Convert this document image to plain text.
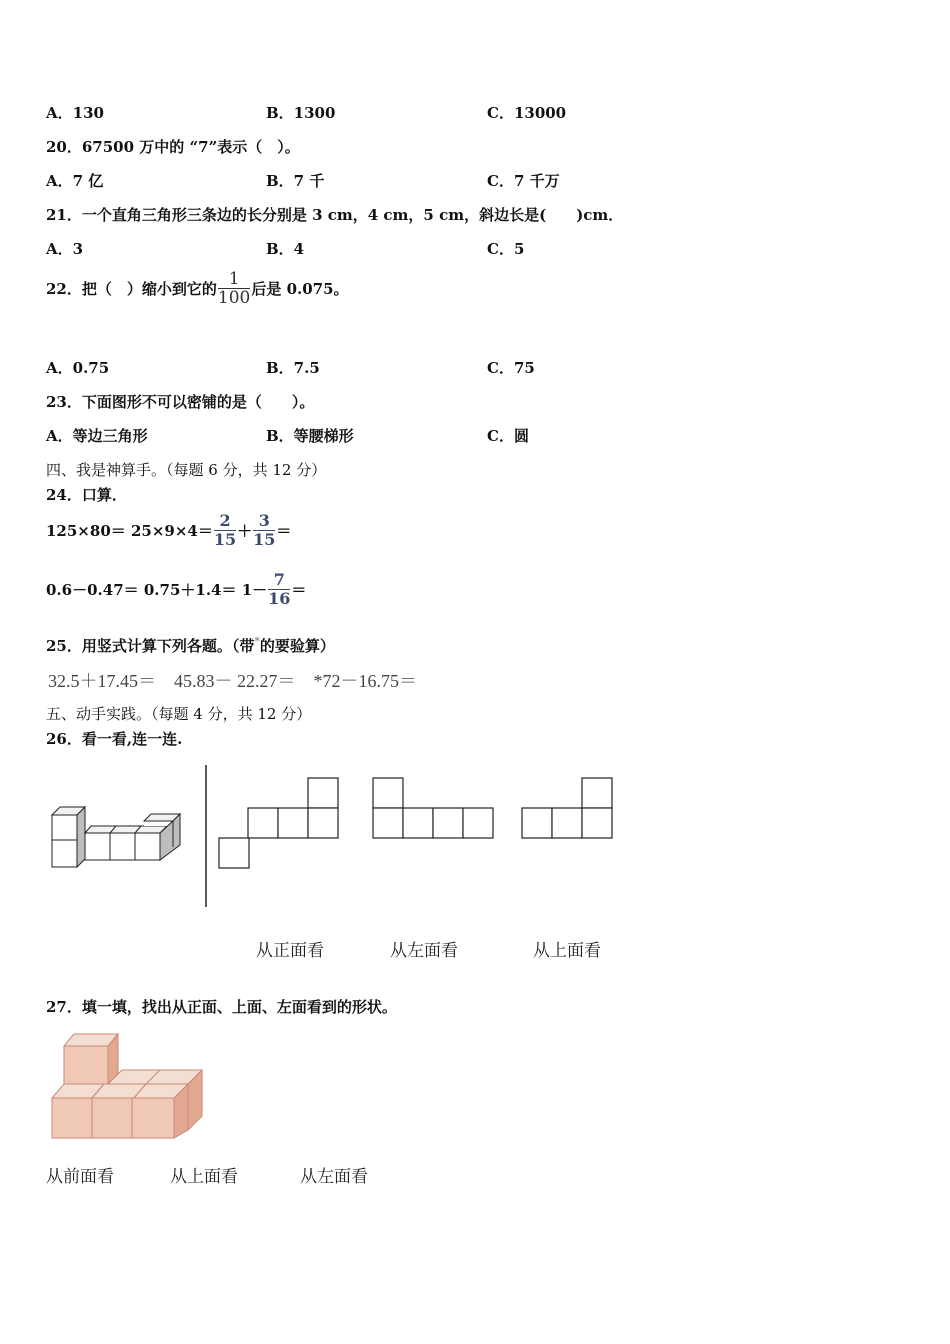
A．130	B．1300	C．13000
20．67500 万中的 “7”表示（　）。
A．7 亿	B．7 千	C．7 千万
21．一个直角三角形三条边的长分别是 3 cm，4 cm，5 cm，斜边长是(　　)cm．
A．3	B．4	C．5
22．把（　）缩小到它的 $\frac{1}{100}$ 后是 0.075。
A．0.75	B．7.5	C．75
23．下面图形不可以密铺的是（　　）。
A．等边三角形	B．等腰梯形	C．圆
四、我是神算手。（每题 6 分，共 12 分）
24．口算．
$125\times 80= 25\times 9\times 4= \frac{2}{15} + \frac{3}{15}$ ＝
$0.6-0.47= 0.75+1.4= 1- \frac{7}{16}$ ＝
25．用竖式计算下列各题。（带*的要验算）
32.5＋17.45＝　45.83－ 22.27＝　*72－16.75＝
五、动手实践。（每题 4 分，共 12 分）
26．看一看,连一连.
从正面看	从左面看	从上面看
27．填一填，找出从正面、上面、左面看到的形状。
从前面看	从上面看	从左面看
